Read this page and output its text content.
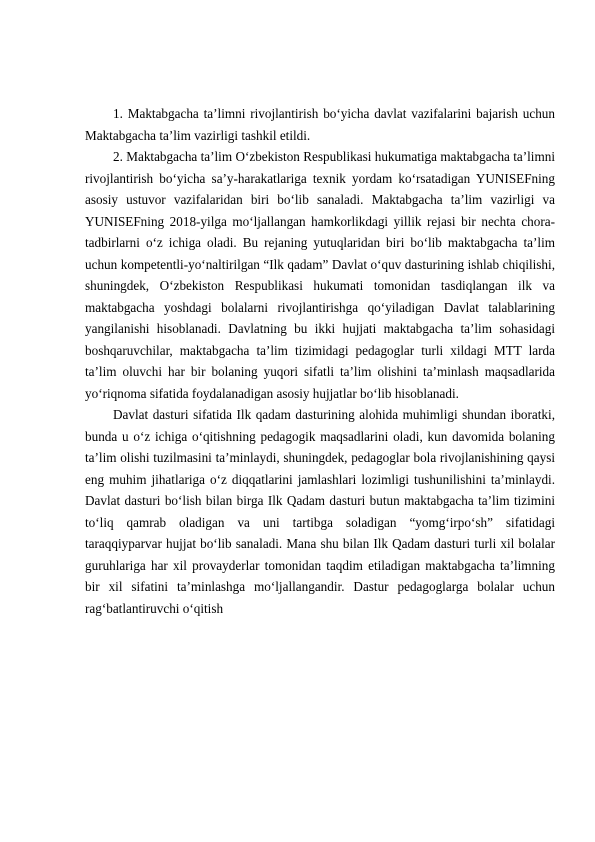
1. Maktabgacha ta’limni rivojlantirish bo‘yicha davlat vazifalarini bajarish uchun Maktabgacha ta’lim vazirligi tashkil etildi.

2. Maktabgacha ta’lim O‘zbekiston Respublikasi hukumatiga maktabgacha ta’limni rivojlantirish bo‘yicha sa’y-harakatlariga texnik yordam ko‘rsatadigan YUNISEFning asosiy ustuvor vazifalaridan biri bo‘lib sanaladi. Maktabgacha ta’lim vazirligi va YUNISEFning 2018-yilga mo‘ljallangan hamkorlikdagi yillik rejasi bir nechta chora-tadbirlarni o‘z ichiga oladi. Bu rejaning yutuqlaridan biri bo‘lib maktabgacha ta’lim uchun kompetentli-yo‘naltirilgan “Ilk qadam” Davlat o‘quv dasturining ishlab chiqilishi, shuningdek, O‘zbekiston Respublikasi hukumati tomonidan tasdiqlangan ilk va maktabgacha yoshdagi bolalarni rivojlantirishga qo‘yiladigan Davlat talablarining yangilanishi hisoblanadi. Davlatning bu ikki hujjati maktabgacha ta’lim sohasidagi boshqaruvchilar, maktabgacha ta’lim tizimidagi pedagoglar turli xildagi MTT larda ta’lim oluvchi har bir bolaning yuqori sifatli ta’lim olishini ta’minlash maqsadlarida yo‘riqnoma sifatida foydalanadigan asosiy hujjatlar bo‘lib hisoblanadi.

Davlat dasturi sifatida Ilk qadam dasturining alohida muhimligi shundan iboratki, bunda u o‘z ichiga o‘qitishning pedagogik maqsadlarini oladi, kun davomida bolaning ta’lim olishi tuzilmasini ta’minlaydi, shuningdek, pedagoglar bola rivojlanishining qaysi eng muhim jihatlariga o‘z diqqatlarini jamlashlari lozimligi tushunilishini ta’minlaydi. Davlat dasturi bo‘lish bilan birga Ilk Qadam dasturi butun maktabgacha ta’lim tizimini to‘liq qamrab oladigan va uni tartibga soladigan “yomg‘irpo‘sh” sifatidagi taraqqiyparvar hujjat bo‘lib sanaladi. Mana shu bilan Ilk Qadam dasturi turli xil bolalar guruhlariga har xil provayderlar tomonidan taqdim etiladigan maktabgacha ta’limning bir xil sifatini ta’minlashga mo‘ljallangandir. Dastur pedagoglarga bolalar uchun rag‘batlantiruvchi o‘qitish
